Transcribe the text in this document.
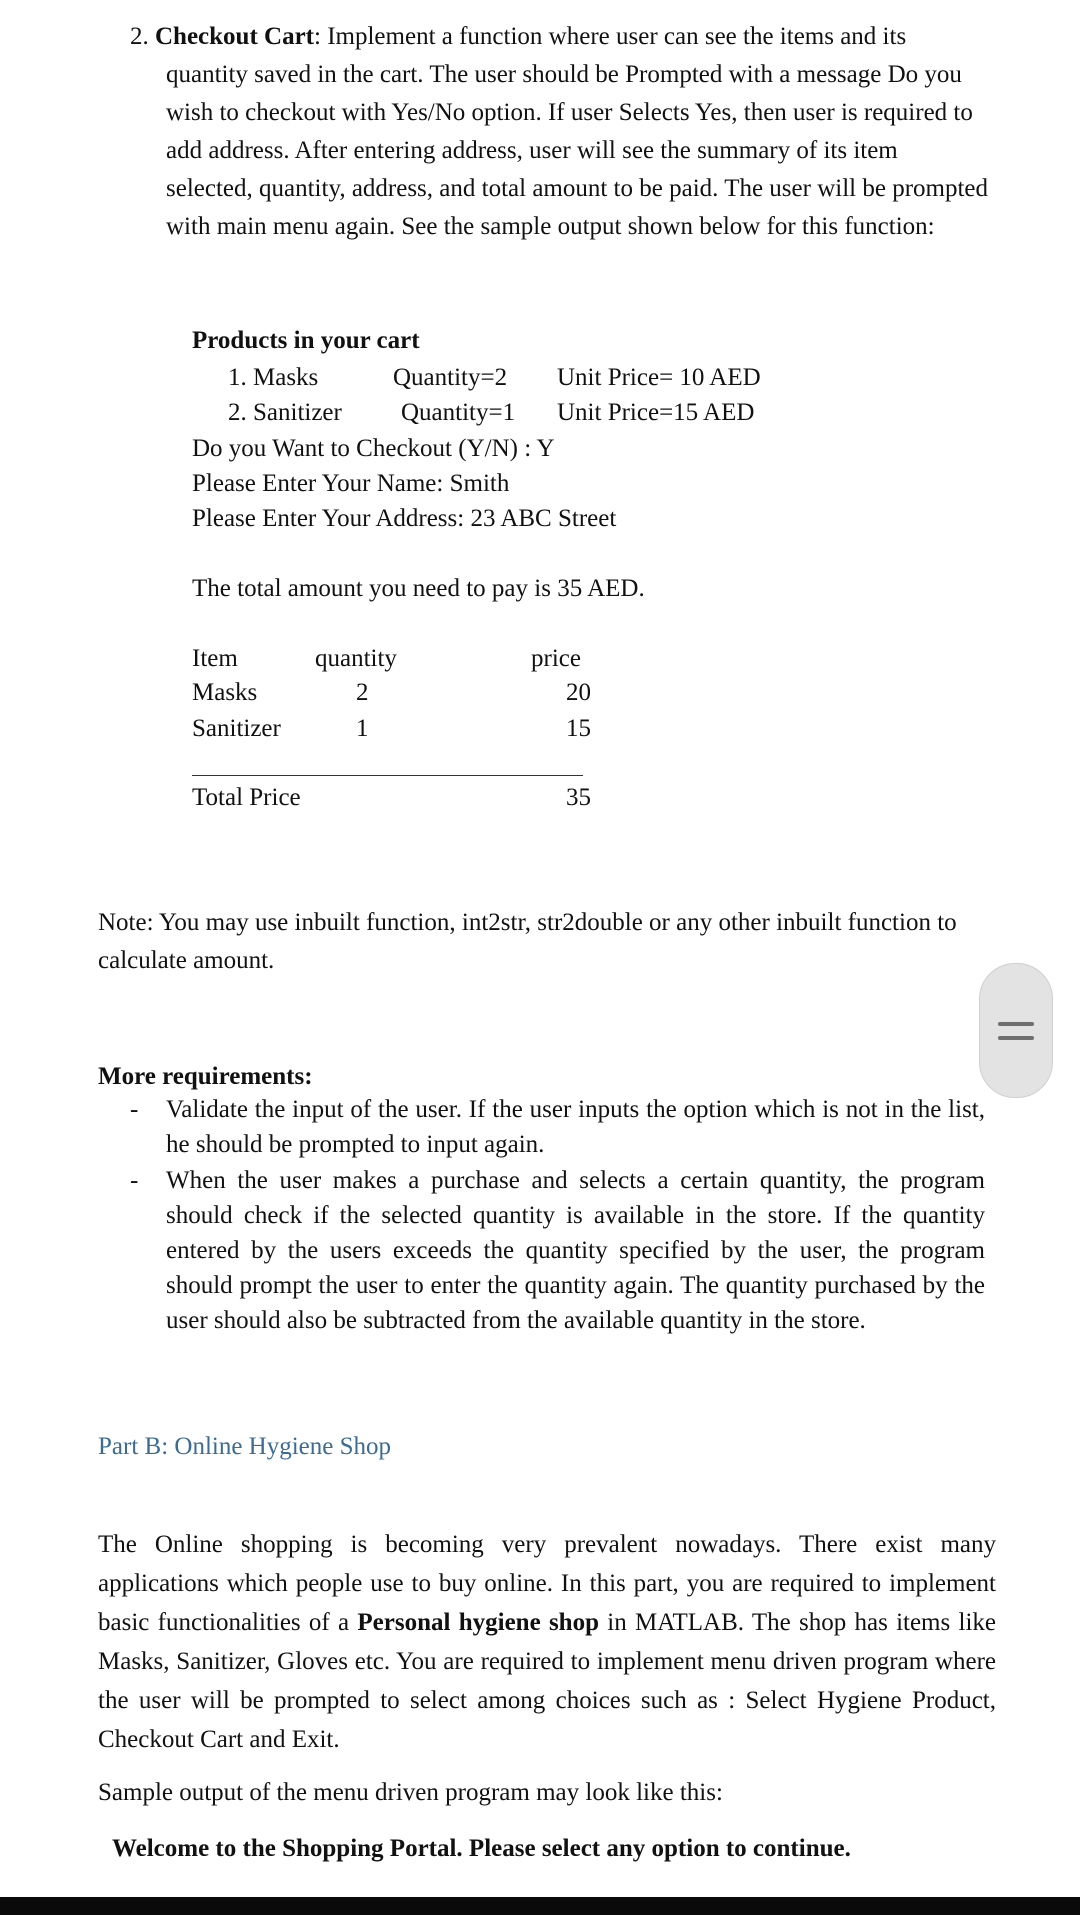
2. Checkout Cart: Implement a function where user can see the items and its quantity saved in the cart. The user should be Prompted with a message Do you wish to checkout with Yes/No option. If user Selects Yes, then user is required to add address. After entering address, user will see the summary of its item selected, quantity, address, and total amount to be paid. The user will be prompted with main menu again. See the sample output shown below for this function:

Products in your cart
1. Masks	Quantity=2 Unit Price= 10 AED
2. Sanitizer Quantity=1 Unit Price=15 AED
Do you Want to Checkout (Y/N) : Y
Please Enter Your Name: Smith
Please Enter Your Address: 23 ABC Street
The total amount you need to pay is 35 AED.
Item	quantity	price
Masks	2	20
Sanitizer	1	15
Total Price	35
Note: You may use inbuilt function, int2str, str2double or any other inbuilt function to calculate amount.
More requirements:
- Validate the input of the user. If the user inputs the option which is not in the list, he should be prompted to input again.
- When the user makes a purchase and selects a certain quantity, the program should check if the selected quantity is available in the store. If the quantity entered by the users exceeds the quantity specified by the user, the program should prompt the user to enter the quantity again. The quantity purchased by the user should also be subtracted from the available quantity in the store.
Part B: Online Hygiene Shop
The Online shopping is becoming very prevalent nowadays. There exist many applications which people use to buy online. In this part, you are required to implement basic functionalities of a Personal hygiene shop in MATLAB. The shop has items like Masks, Sanitizer, Gloves etc. You are required to implement menu driven program where the user will be prompted to select among choices such as : Select Hygiene Product, Checkout Cart and Exit.
Sample output of the menu driven program may look like this:
Welcome to the Shopping Portal. Please select any option to continue.
